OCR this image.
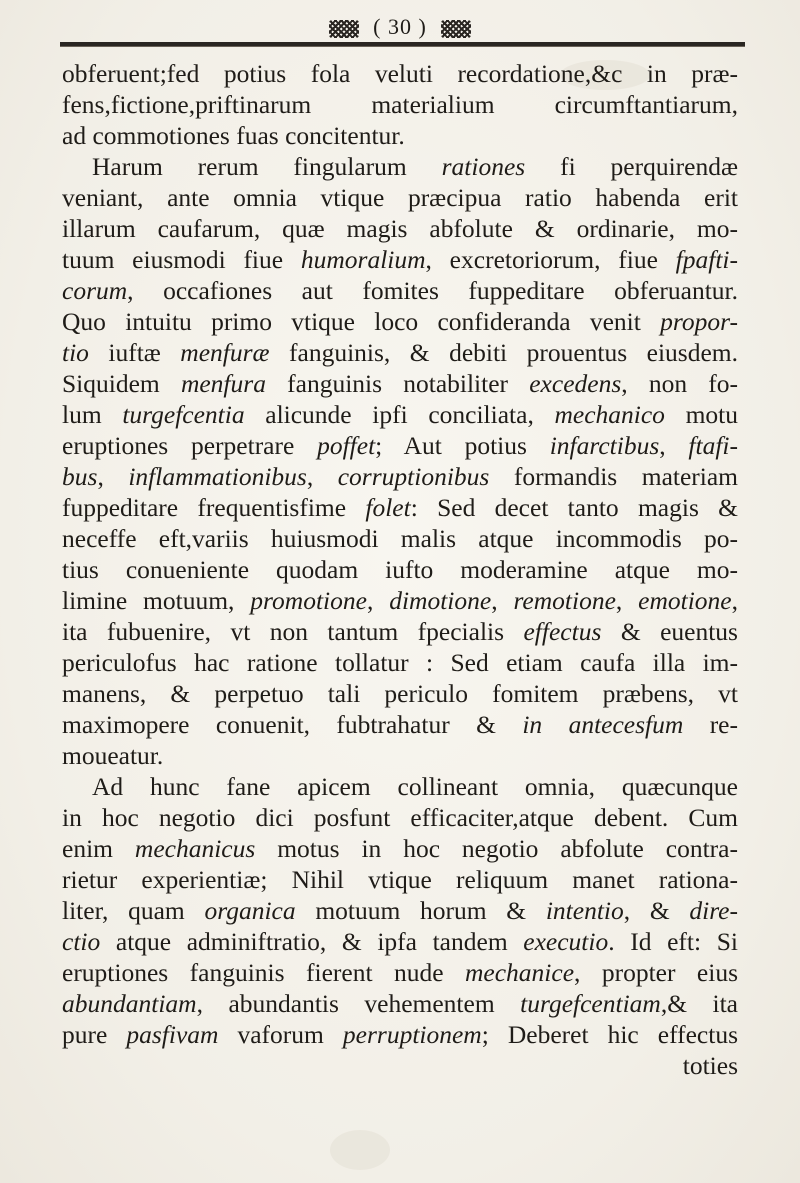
( 30 )
obferuent;fed potius fola veluti recordatione,&c in præ-
fens,fictione,priftinarum materialium circumftantiarum,
ad commotiones fuas concitentur.
Harum rerum fingularum rationes fi perquirendæ
veniant, ante omnia vtique præcipua ratio habenda erit
illarum caufarum, quæ magis abfolute & ordinarie, mo-
tuum eiusmodi fiue humoralium, excretoriorum, fiue fpafti-
corum, occafiones aut fomites fuppeditare obferuantur.
Quo intuitu primo vtique loco confideranda venit propor-
tio iuftæ menfuræ fanguinis, & debiti prouentus eiusdem.
Siquidem menfura fanguinis notabiliter excedens, non fo-
lum turgefcentia alicunde ipfi conciliata, mechanico motu
eruptiones perpetrare poffet; Aut potius infarctibus, ftafi-
bus, inflammationibus, corruptionibus formandis materiam
fuppeditare frequentisfime folet: Sed decet tanto magis &
neceffe eft,variis huiusmodi malis atque incommodis po-
tius conueniente quodam iufto moderamine atque mo-
limine motuum, promotione, dimotione, remotione, emotione,
ita fubuenire, vt non tantum fpecialis effectus & euentus
periculofus hac ratione tollatur : Sed etiam caufa illa im-
manens, & perpetuo tali periculo fomitem præbens, vt
maximopere conuenit, fubtrahatur & in antecesfum re-
moueatur.
Ad hunc fane apicem collineant omnia, quæcunque
in hoc negotio dici posfunt efficaciter,atque debent. Cum
enim mechanicus motus in hoc negotio abfolute contra-
rietur experientiæ; Nihil vtique reliquum manet rationa-
liter, quam organica motuum horum & intentio, & dire-
ctio atque adminiftratio, & ipfa tandem executio. Id eft: Si
eruptiones fanguinis fierent nude mechanice, propter eius
abundantiam, abundantis vehementem turgefcentiam,& ita
pure pasfivam vaforum perruptionem; Deberet hic effectus
toties
